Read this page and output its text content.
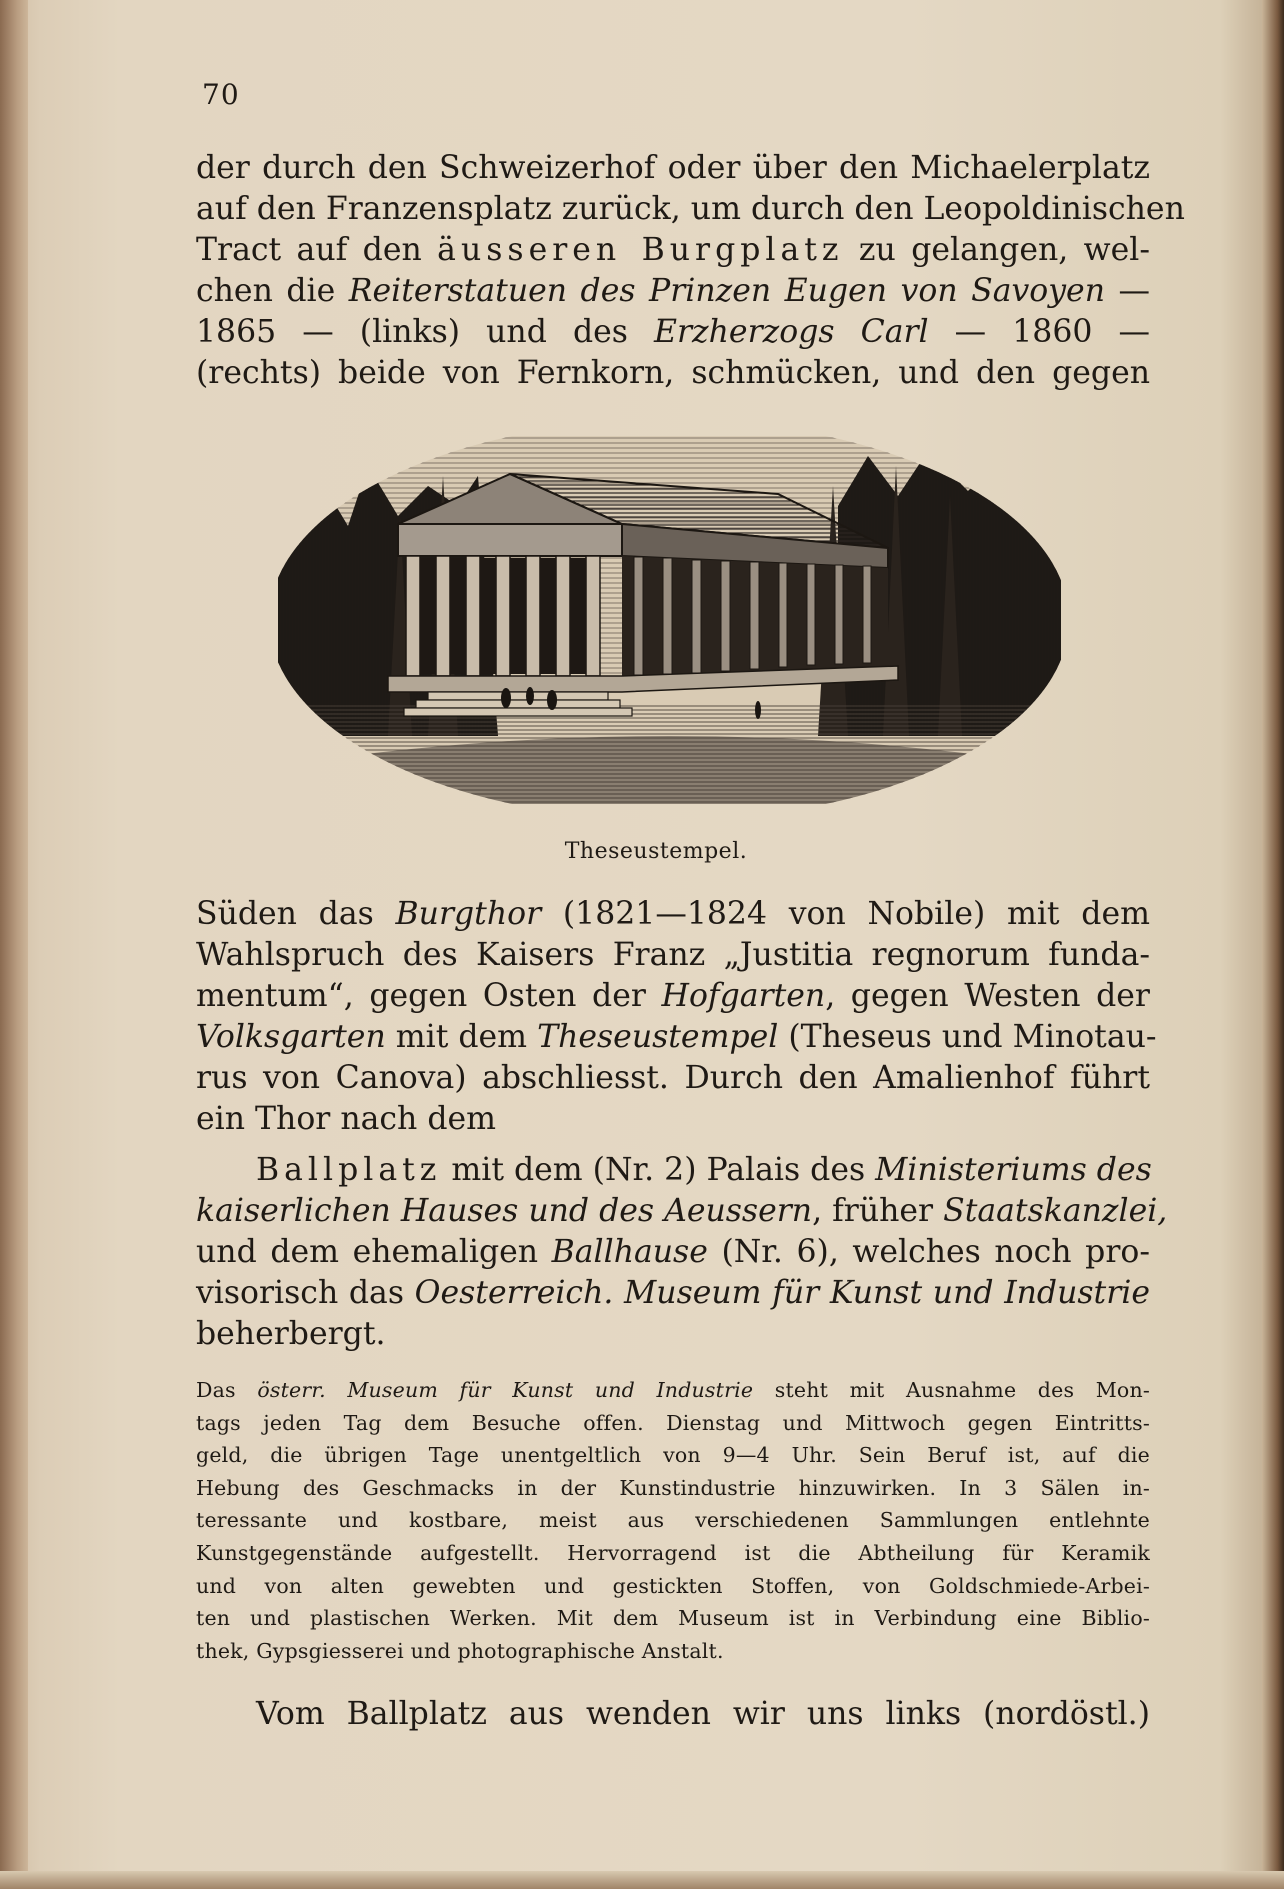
70
der durch den Schweizerhof oder über den Michaelerplatz
auf den Franzensplatz zurück, um durch den Leopoldinischen
Tract auf den äusseren Burgplatz zu gelangen, wel-
chen die Reiterstatuen des Prinzen Eugen von Savoyen —
1865 — (links) und des Erzherzogs Carl — 1860 —
(rechts) beide von Fernkorn, schmücken, und den gegen
Theseustempel.
Süden das Burgthor (1821—1824 von Nobile) mit dem
Wahlspruch des Kaisers Franz „Justitia regnorum funda-
mentum“, gegen Osten der Hofgarten, gegen Westen der
Volksgarten mit dem Theseustempel (Theseus und Minotau-
rus von Canova) abschliesst. Durch den Amalienhof führt
ein Thor nach dem
Ballplatz mit dem (Nr. 2) Palais des Ministeriums des
kaiserlichen Hauses und des Aeussern, früher Staatskanzlei,
und dem ehemaligen Ballhause (Nr. 6), welches noch pro-
visorisch das Oesterreich. Museum für Kunst und Industrie
beherbergt.
Das österr. Museum für Kunst und Industrie steht mit Ausnahme des Mon-
tags jeden Tag dem Besuche offen. Dienstag und Mittwoch gegen Eintritts-
geld, die übrigen Tage unentgeltlich von 9—4 Uhr. Sein Beruf ist, auf die
Hebung des Geschmacks in der Kunstindustrie hinzuwirken. In 3 Sälen in-
teressante und kostbare, meist aus verschiedenen Sammlungen entlehnte
Kunstgegenstände aufgestellt. Hervorragend ist die Abtheilung für Keramik
und von alten gewebten und gestickten Stoffen, von Goldschmiede-Arbei-
ten und plastischen Werken. Mit dem Museum ist in Verbindung eine Biblio-
thek, Gypsgiesserei und photographische Anstalt.
Vom Ballplatz aus wenden wir uns links (nordöstl.)
